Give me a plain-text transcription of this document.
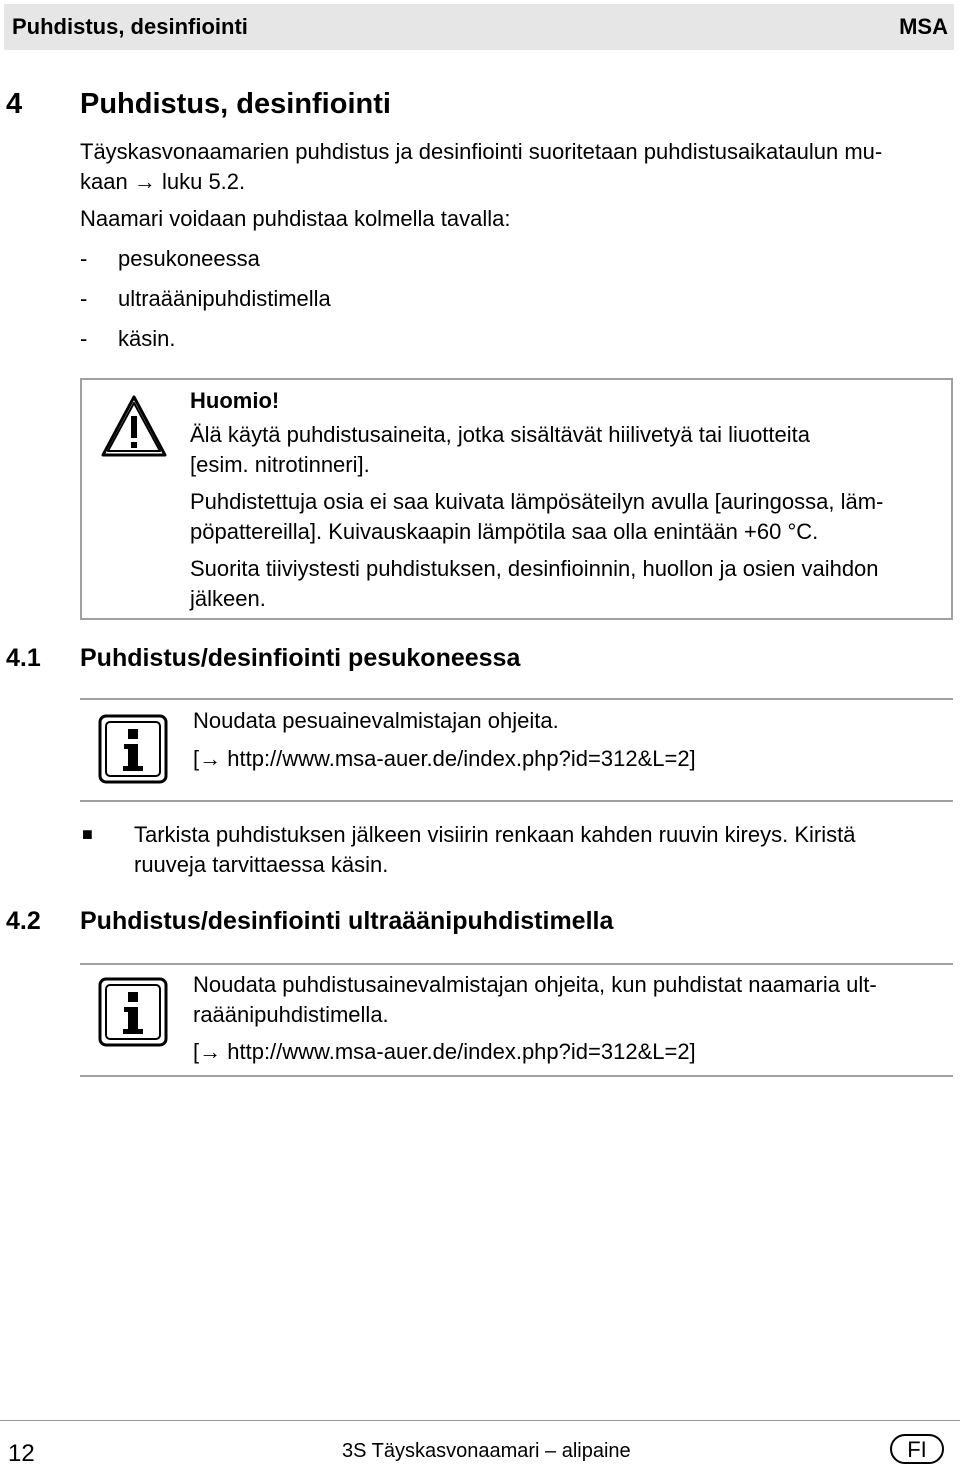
Puhdistus, desinfiointi	MSA
4 Puhdistus, desinfiointi
Täyskasvonaamarien puhdistus ja desinfiointi suoritetaan puhdistusaikataulun mu-
kaan → luku 5.2.
Naamari voidaan puhdistaa kolmella tavalla:
- pesukoneessa
- ultraäänipuhdistimella
- käsin.
Huomio!
Älä käytä puhdistusaineita, jotka sisältävät hiilivetyä tai liuotteita
[esim. nitrotinneri].
Puhdistettuja osia ei saa kuivata lämpösäteilyn avulla [auringossa, läm-
pöpattereilla]. Kuivauskaapin lämpötila saa olla enintään +60 °C.
Suorita tiiviystesti puhdistuksen, desinfioinnin, huollon ja osien vaihdon
jälkeen.
4.1 Puhdistus/desinfiointi pesukoneessa
Noudata pesuainevalmistajan ohjeita.
[→ http://www.msa-auer.de/index.php?id=312&L=2]
■ Tarkista puhdistuksen jälkeen visiirin renkaan kahden ruuvin kireys. Kiristä
ruuveja tarvittaessa käsin.
4.2 Puhdistus/desinfiointi ultraäänipuhdistimella
Noudata puhdistusainevalmistajan ohjeita, kun puhdistat naamaria ult-
raäänipuhdistimella.
[→ http://www.msa-auer.de/index.php?id=312&L=2]
12	3S Täyskasvonaamari – alipaine	FI
